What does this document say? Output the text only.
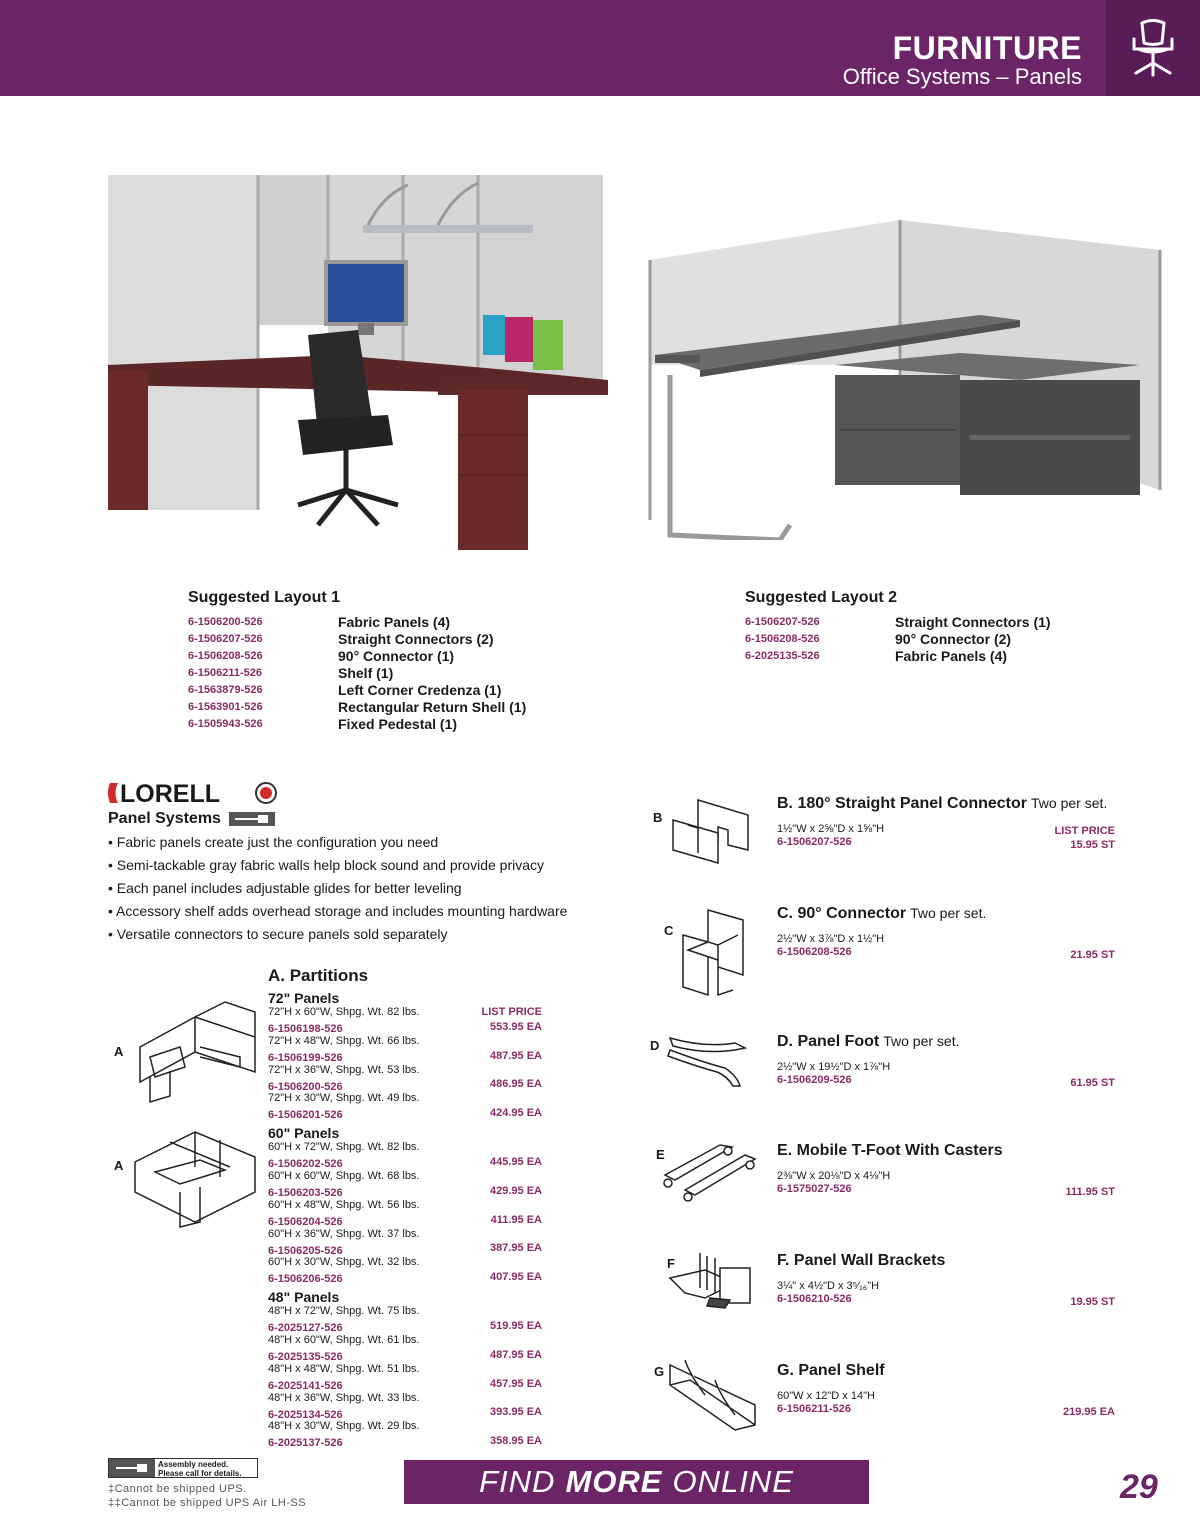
FURNITURE
Office Systems – Panels
Suggested Layout 1
6-1506200-526	Fabric Panels (4)
6-1506207-526	Straight Connectors (2)
6-1506208-526	90° Connector (1)
6-1506211-526	Shelf (1)
6-1563879-526	Left Corner Credenza (1)
6-1563901-526	Rectangular Return Shell (1)
6-1505943-526	Fixed Pedestal (1)
Suggested Layout 2
6-1506207-526	Straight Connectors (1)
6-1506208-526	90° Connector (2)
6-2025135-526	Fabric Panels (4)
LORELL
Panel Systems
• Fabric panels create just the configuration you need
• Semi-tackable gray fabric walls help block sound and provide privacy
• Each panel includes adjustable glides for better leveling
• Accessory shelf adds overhead storage and includes mounting hardware
• Versatile connectors to secure panels sold separately
A
A
A. Partitions
72" Panels
LIST PRICE
72"H x 60"W, Shpg. Wt. 82 lbs.
6-1506198-526	553.95 EA
72"H x 48"W, Shpg. Wt. 66 lbs.
6-1506199-526	487.95 EA
72"H x 36"W, Shpg. Wt. 53 lbs.
6-1506200-526	486.95 EA
72"H x 30"W, Shpg. Wt. 49 lbs.
6-1506201-526	424.95 EA
60" Panels
60"H x 72"W, Shpg. Wt. 82 lbs.
6-1506202-526	445.95 EA
60"H x 60"W, Shpg. Wt. 68 lbs.
6-1506203-526	429.95 EA
60"H x 48"W, Shpg. Wt. 56 lbs.
6-1506204-526	411.95 EA
60"H x 36"W, Shpg. Wt. 37 lbs.
6-1506205-526	387.95 EA
60"H x 30"W, Shpg. Wt. 32 lbs.
6-1506206-526	407.95 EA
48" Panels
48"H x 72"W, Shpg. Wt. 75 lbs.
6-2025127-526	519.95 EA
48"H x 60"W, Shpg. Wt. 61 lbs.
6-2025135-526	487.95 EA
48"H x 48"W, Shpg. Wt. 51 lbs.
6-2025141-526	457.95 EA
48"H x 36"W, Shpg. Wt. 33 lbs.
6-2025134-526	393.95 EA
48"H x 30"W, Shpg. Wt. 29 lbs.
6-2025137-526	358.95 EA
B
C
D
E
F
G
B. 180° Straight Panel Connector Two per set.
1½"W x 2⅝"D x 1⅝"H
6-1506207-526
LIST PRICE
15.95 ST
C. 90° Connector Two per set.
2½"W x 3⅞"D x 1½"H
6-1506208-526	21.95 ST
D. Panel Foot Two per set.
2½"W x 19½"D x 1⅞"H
6-1506209-526	61.95 ST
E. Mobile T-Foot With Casters
2⅜"W x 20⅛"D x 4⅛"H
6-1575027-526	111.95 ST
F. Panel Wall Brackets
3¼" x 4½"D x 3⁵⁄₁₆"H
6-1506210-526	19.95 ST
G. Panel Shelf
60"W x 12"D x 14"H
6-1506211-526	219.95 EA
Assembly needed.
Please call for details.
‡Cannot be shipped UPS.
‡‡Cannot be shipped UPS Air LH-SS
FIND MORE ONLINE	29
